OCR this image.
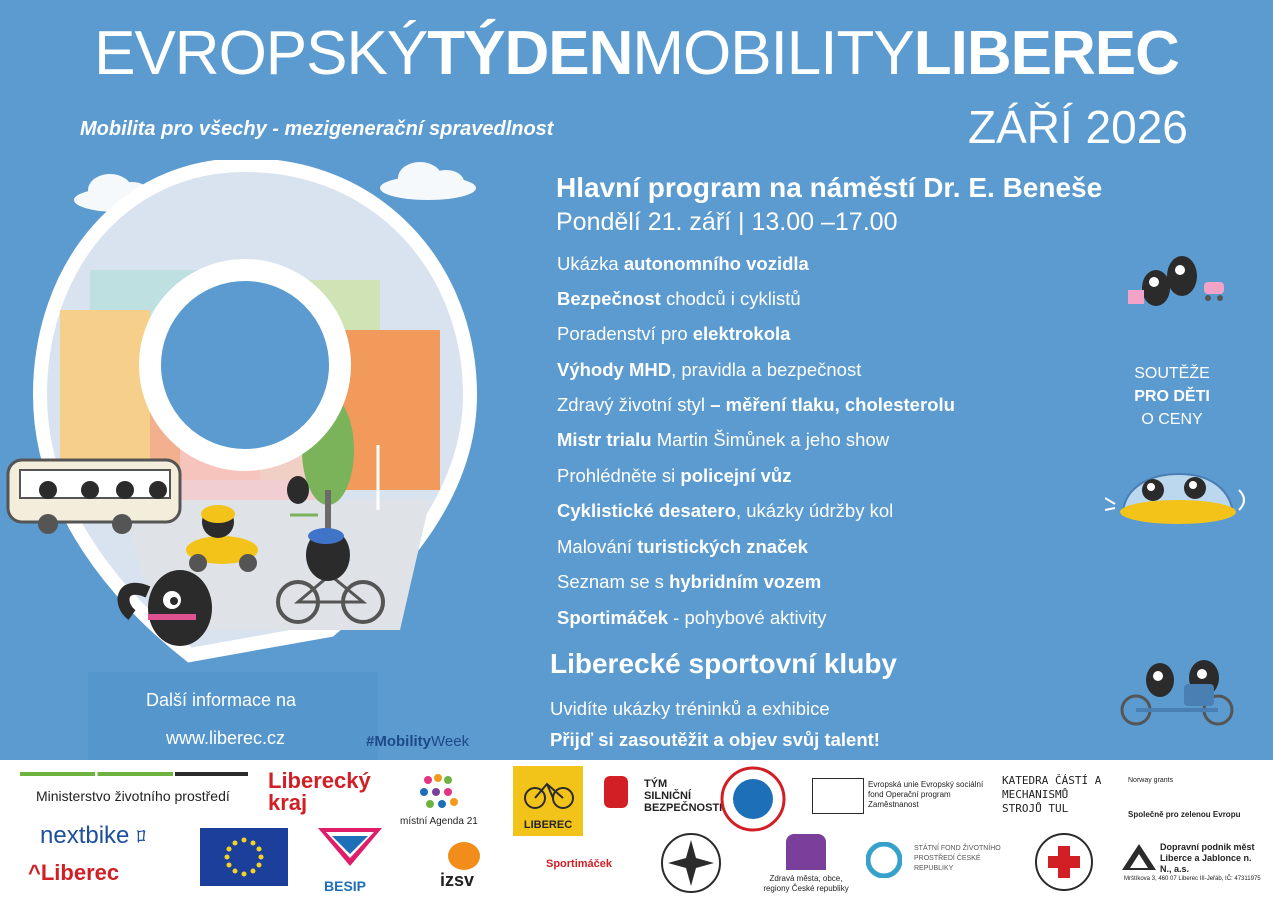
EVROPSKÝTÝDENMOBILITYLIBEREC
Mobilita pro všechy - mezigenerační spravedlnost	ZÁŘÍ 2026
Hlavní program na náměstí Dr. E. Beneše
Pondělí 21. září | 13.00 –17.00
Ukázka autonomního vozidla
Bezpečnost chodců i cyklistů
Poradenství pro elektrokola
Výhody MHD, pravidla a bezpečnost
Zdravý životní styl – měření tlaku, cholesterolu
Mistr trialu Martin Šimůnek a jeho show
Prohlédněte si policejní vůz
Cyklistické desatero, ukázky údržby kol
Malování turistických značek
Seznam se s hybridním vozem
Sportimáček - pohybové aktivity
SOUTĚŽE
PRO DĚTI
O CENY
Liberecké sportovní kluby
Uvidíte ukázky tréninků a exhibice
Přijď si zasoutěžit a objev svůj talent!
Další informace na
www.liberec.cz	#MobilityWeek
Ministerstvo životního prostředí
nextbike ﾛ
^Liberec
Liberecký kraj
BESIP
místní Agenda 21
izsv
LIBEREC
Sportimáček
TÝM SILNIČNÍ BEZPEČNOSTI
Evropská unie Evropský sociální fond Operační program Zaměstnanost
Zdravá města, obce, regiony České republiky
STÁTNÍ FOND ŽIVOTNÍHO PROSTŘEDÍ ČESKÉ REPUBLIKY
KATEDRA ČÁSTÍ A MECHANISMŮ STROJŮ TUL
Norway grants
Společně pro zelenou Evropu
Dopravní podnik měst Liberce a Jablonce n. N., a.s.
Mrštíkova 3, 460 07 Liberec III-Jeřáb, IČ: 47311975
